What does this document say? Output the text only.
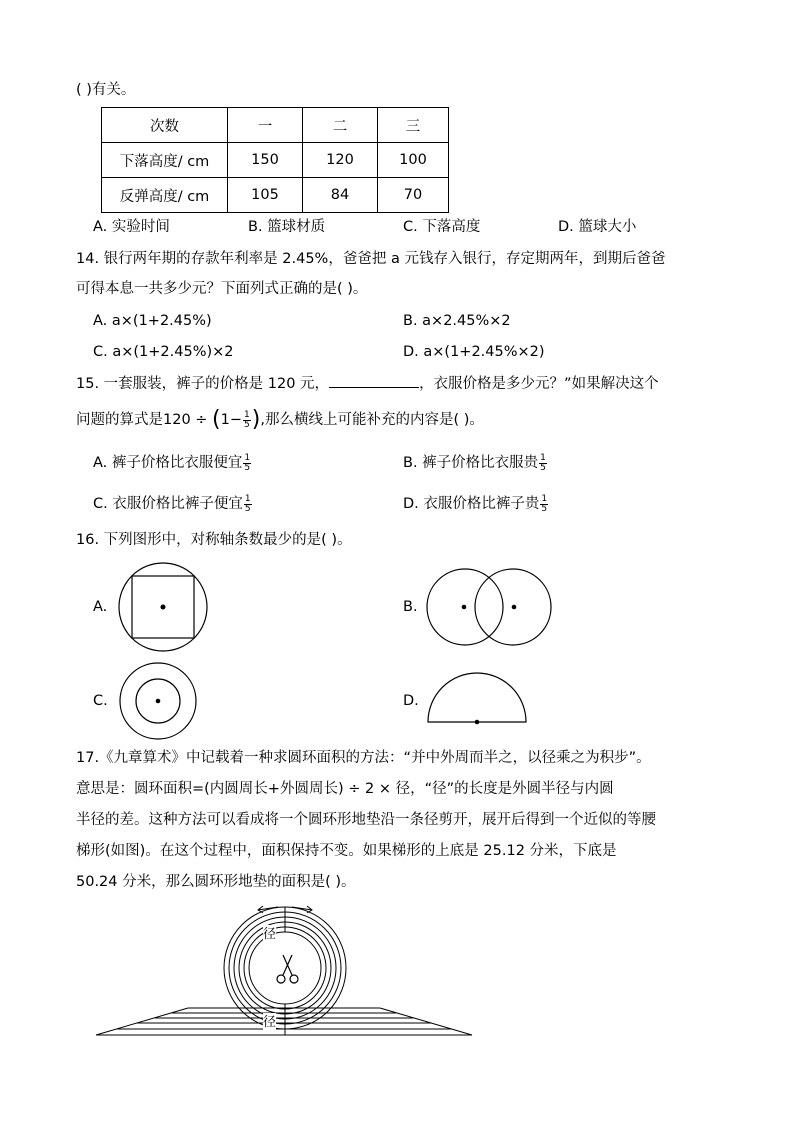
( )有关。
次数	一	二	三
下落高度/ cm	150	120	100
反弹高度/ cm	105	84	70
A. 实验时间	B. 篮球材质	C. 下落高度	D. 篮球大小
14. 银行两年期的存款年利率是 2.45%，爸爸把 a 元钱存入银行，存定期两年，到期后爸爸
可得本息一共多少元？下面列式正确的是( )。
A. a×(1+2.45%)	B. a×2.45%×2
C. a×(1+2.45%)×2	D. a×(1+2.45%×2)
15. 一套服装，裤子的价格是 120 元，	，衣服价格是多少元？”如果解决这个
问题的算式是$120 \div (1- \frac{1}{5}$ ),那么横线上可能补充的内容是( )。
A. 裤子价格比衣服便宜 $\frac{1}{5}$	B. 裤子价格比衣服贵 $\frac{1}{5}$
C. 衣服价格比裤子便宜 $\frac{1}{5}$	D. 衣服价格比裤子贵 $\frac{1}{5}$
16. 下列图形中，对称轴条数最少的是( )。
A.	B.
C.	D.
17.《九章算术》中记载着一种求圆环面积的方法：“并中外周而半之，以径乘之为积步”。
意思是：圆环面积=(内圆周长+外圆周长) ÷ 2 × 径，“径”的长度是外圆半径与内圆
半径的差。这种方法可以看成将一个圆环形地垫沿一条径剪开，展开后得到一个近似的等腰
梯形(如图)。在这个过程中，面积保持不变。如果梯形的上底是 25.12 分米，下底是
50.24 分米，那么圆环形地垫的面积是( )。
径
径
